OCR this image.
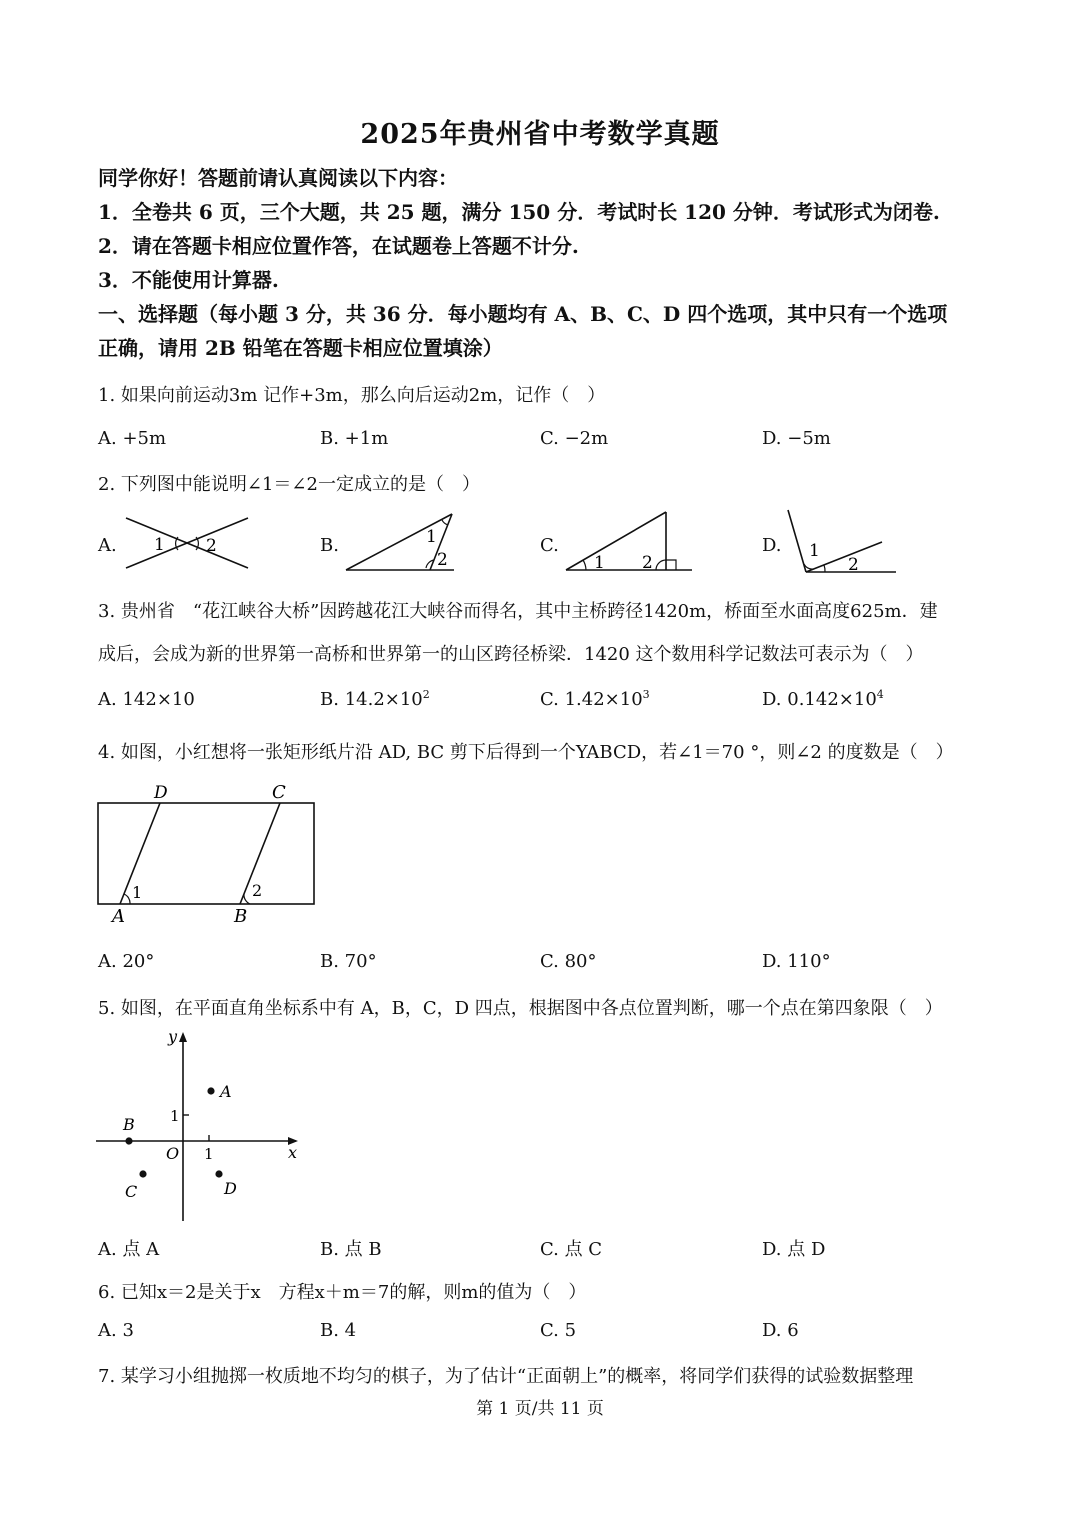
2025年贵州省中考数学真题
同学你好！答题前请认真阅读以下内容：
1．全卷共 6 页，三个大题，共 25 题，满分 150 分．考试时长 120 分钟．考试形式为闭卷.
2．请在答题卡相应位置作答，在试题卷上答题不计分.
3．不能使用计算器.
一、选择题（每小题 3 分，共 36 分．每小题均有 A、B、C、D 四个选项，其中只有一个选项
正确，请用 2B 铅笔在答题卡相应位置填涂）
1. 如果向前运动3m 记作+3m，那么向后运动2m，记作（　）
A. +5m	B. +1m	C. −2m	D. −5m
2. 下列图中能说明∠1＝∠2一定成立的是（　）
A.	B.	C.	D.
1 2	1
2	1 2
1
2
3. 贵州省　“花江峡谷大桥”因跨越花江大峡谷而得名，其中主桥跨径1420m，桥面至水面高度625m．建
成后，会成为新的世界第一高桥和世界第一的山区跨径桥梁．1420 这个数用科学记数法可表示为（　）
A. 142×10	B. $14.2\times 10^2$	C. $1.42\times 10^3$	D. $0.142\times 10^4$
4. 如图，小红想将一张矩形纸片沿 AD, BC 剪下后得到一个YABCD，若∠1＝70 °，则∠2 的度数是（　）
D	C
A	B
1	2
A. 20°	B. 70°	C. 80°	D. 110°
5. 如图，在平面直角坐标系中有 A，B，C，D 四点，根据图中各点位置判断，哪一个点在第四象限（　）
y
x
O 1
1
A
B
C	D
A. 点 A	B. 点 B	C. 点 C	D. 点 D
6. 已知x＝2是关于x　方程x＋m＝7的解，则m的值为（　）
A. 3	B. 4	C. 5	D. 6
7. 某学习小组抛掷一枚质地不均匀的棋子，为了估计“正面朝上”的概率，将同学们获得的试验数据整理
第 1 页/共 11 页
